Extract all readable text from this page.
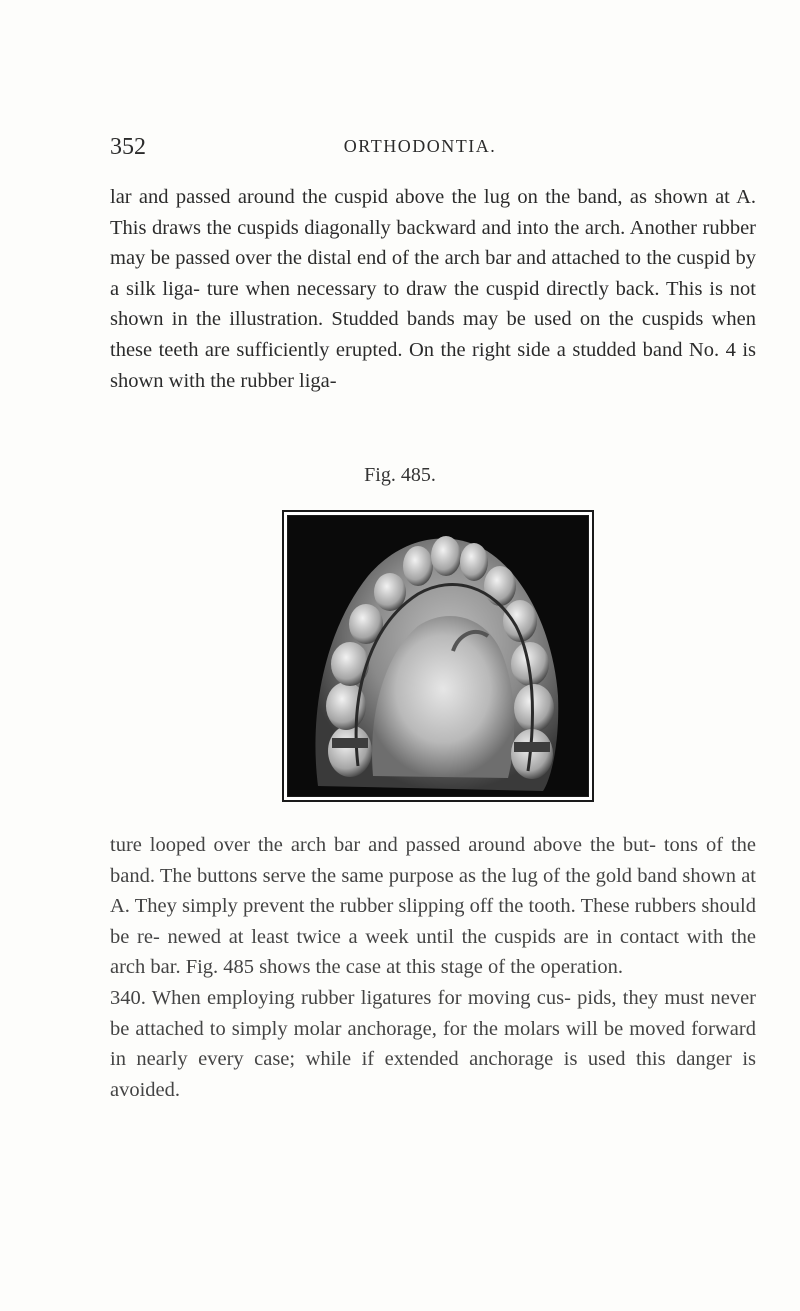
352	ORTHODONTIA.

lar and passed around the cuspid above the lug on the band, as shown at A. This draws the cuspids diagonally backward and into the arch. Another rubber may be passed over the distal end of the arch bar and attached to the cuspid by a silk liga- ture when necessary to draw the cuspid directly back. This is not shown in the illustration. Studded bands may be used on the cuspids when these teeth are sufficiently erupted. On the right side a studded band No. 4 is shown with the rubber liga-

Fig. 485.

ture looped over the arch bar and passed around above the but- tons of the band. The buttons serve the same purpose as the lug of the gold band shown at A. They simply prevent the rubber slipping off the tooth. These rubbers should be re- newed at least twice a week until the cuspids are in contact with the arch bar. Fig. 485 shows the case at this stage of the operation.
340. When employing rubber ligatures for moving cus- pids, they must never be attached to simply molar anchorage, for the molars will be moved forward in nearly every case; while if extended anchorage is used this danger is avoided.
